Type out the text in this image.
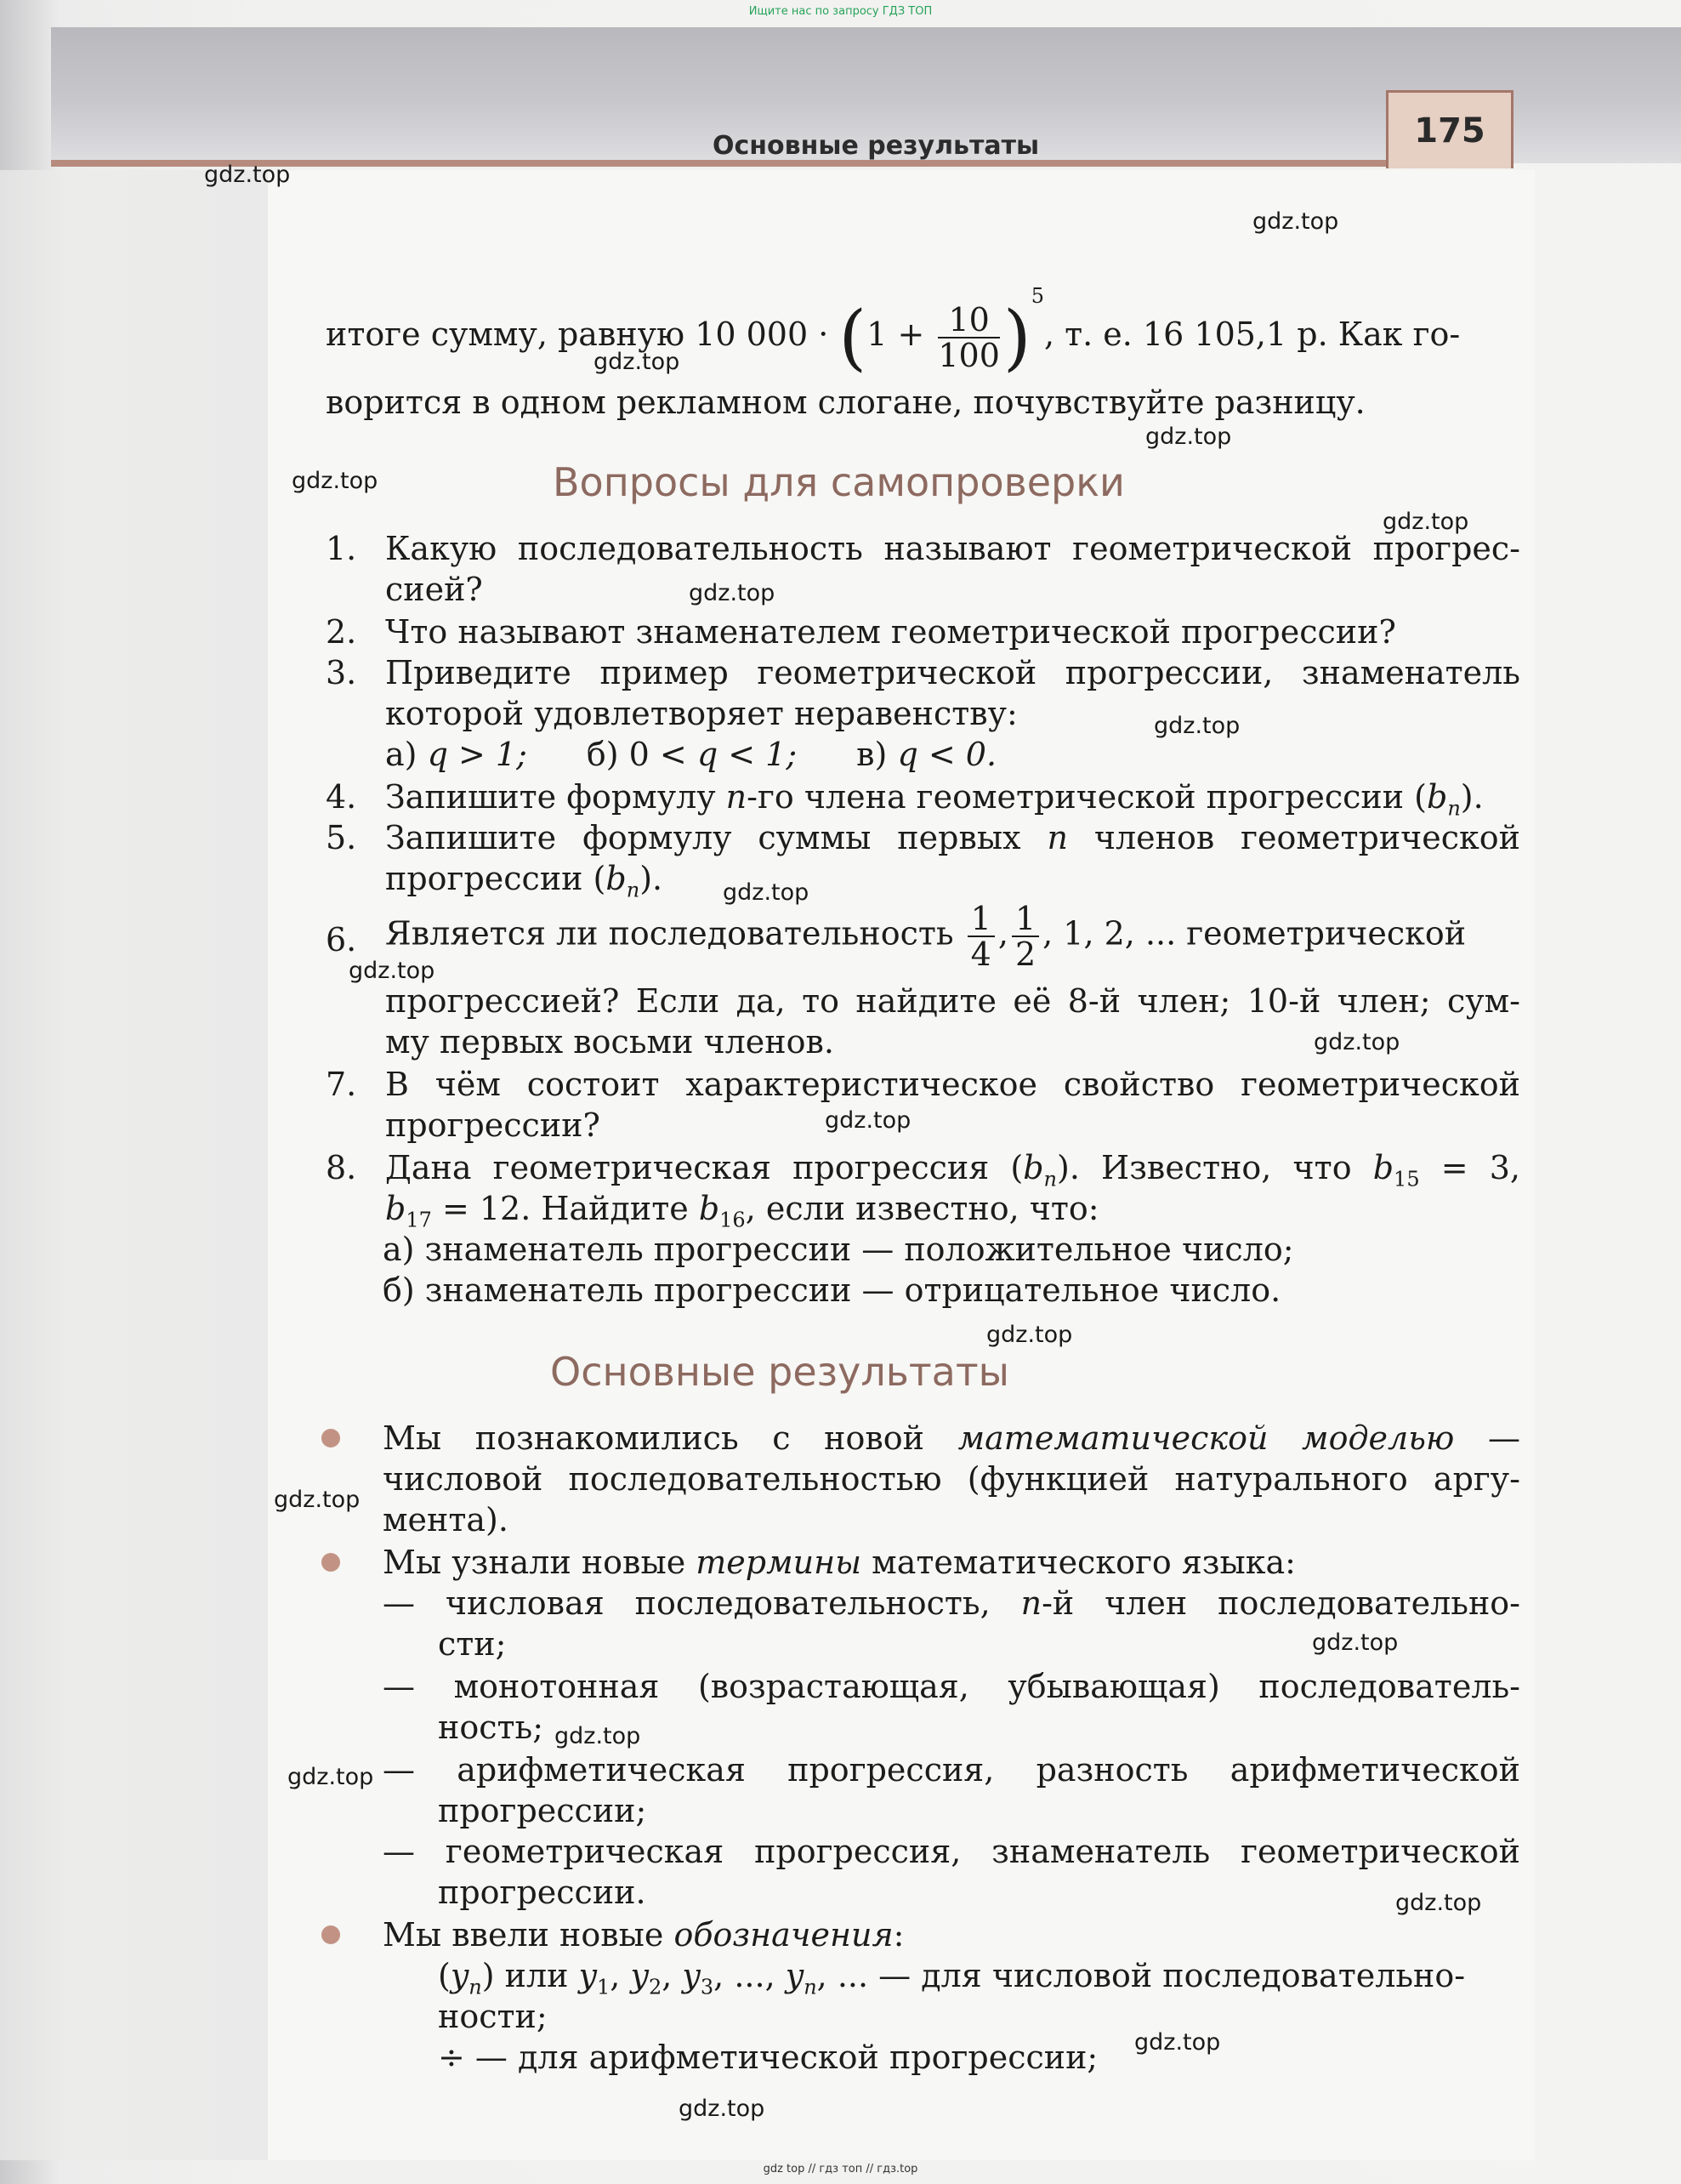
Основные результаты	175
Ищите нас по запросу ГДЗ ТОП
итоге сумму, равную 10 $000 \cdot (1 + \frac{10}{100} )^5$, т. е. 16 105,1 р. Как го-
ворится в одном рекламном слогане, почувствуйте разницу.
Вопросы для самопроверки
1. Какую последовательность называют геометрической прогрес-
сией?
2. Что называют знаменателем геометрической прогрессии?
3. Приведите пример геометрической прогрессии, знаменатель
которой удовлетворяет неравенству:
а) q > 1; б) 0 < q < 1; в) q < 0.
4. Запишите формулу n-го члена геометрической прогрессии $(b_n)$.
5. Запишите формулу суммы первых n членов геометрической
прогрессии $(b_n)$.
6. Является ли последовательность $\frac{1}{4}$ , $\frac{1}{2}$ , 1, 2, ... геометрической
прогрессией? Если да, то найдите её 8-й член; 10-й член; сум-
му первых восьми членов.
7. В чём состоит характеристическое свойство геометрической
прогрессии?
8. Дана геометрическая прогрессия $(b_n)$. Известно, что $b_{15} = 3$,
$b_{17} = 12$. Найдите $b_{16}$, если известно, что:
а) знаменатель прогрессии — положительное число;
б) знаменатель прогрессии — отрицательное число.
Основные результаты
Мы познакомились с новой математической моделью —
числовой последовательностью (функцией натурального аргу-
мента).
Мы узнали новые термины математического языка:
— числовая последовательность, n-й член последовательно-
сти;
— монотонная (возрастающая, убывающая) последователь-
ность;
— арифметическая прогрессия, разность арифметической
прогрессии;
— геометрическая прогрессия, знаменатель геометрической
прогрессии.
Мы ввели новые обозначения:
$(y_n)$ или $y_1$, $y_2$, $y_3$, ..., $y_n$, ... — для числовой последовательно-
ности;
÷ — для арифметической прогрессии;
gdz.top
gdz.top
gdz.top
gdz.top
gdz.top
gdz.top
gdz.top
gdz.top
gdz.top
gdz.top
gdz.top
gdz.top
gdz.top
gdz.top
gdz.top
gdz.top
gdz.top
gdz.top
gdz.top
gdz.top
gdz top // гдз топ // гдз.top
